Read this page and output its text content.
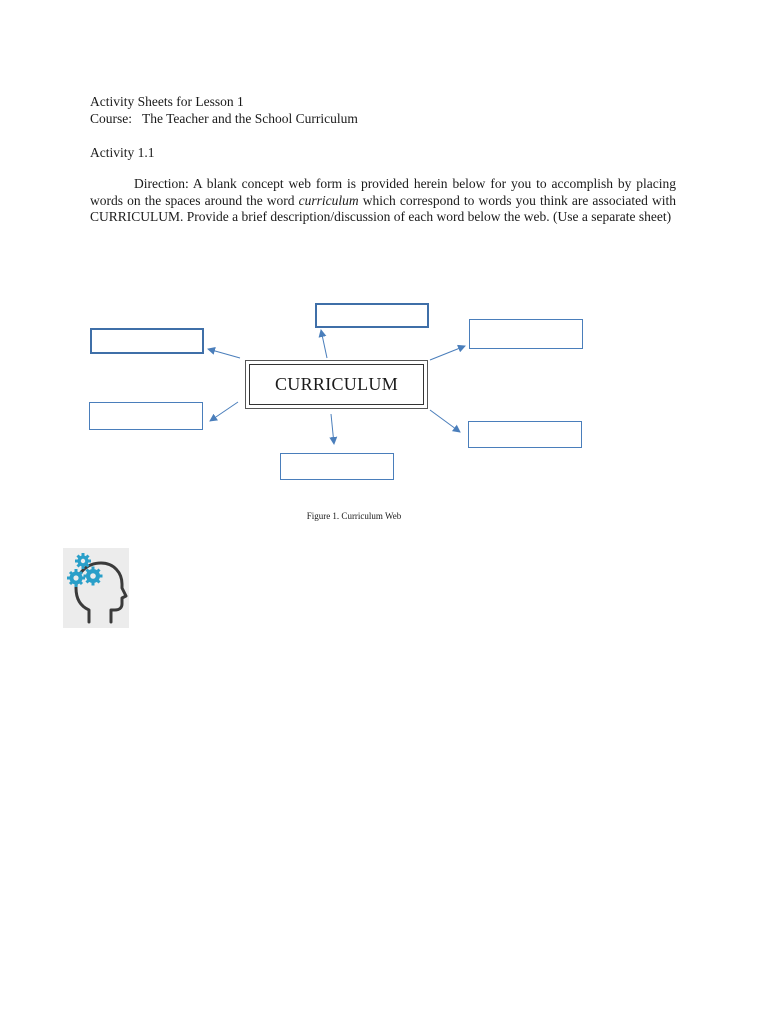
Activity Sheets for Lesson 1
Course: The Teacher and the School Curriculum
Activity 1.1
Direction: A blank concept web form is provided herein below for you to accomplish by placing words on the spaces around the word curriculum which correspond to words you think are associated with CURRICULUM. Provide a brief description/discussion of each word below the web. (Use a separate sheet)
CURRICULUM
Figure 1. Curriculum Web
